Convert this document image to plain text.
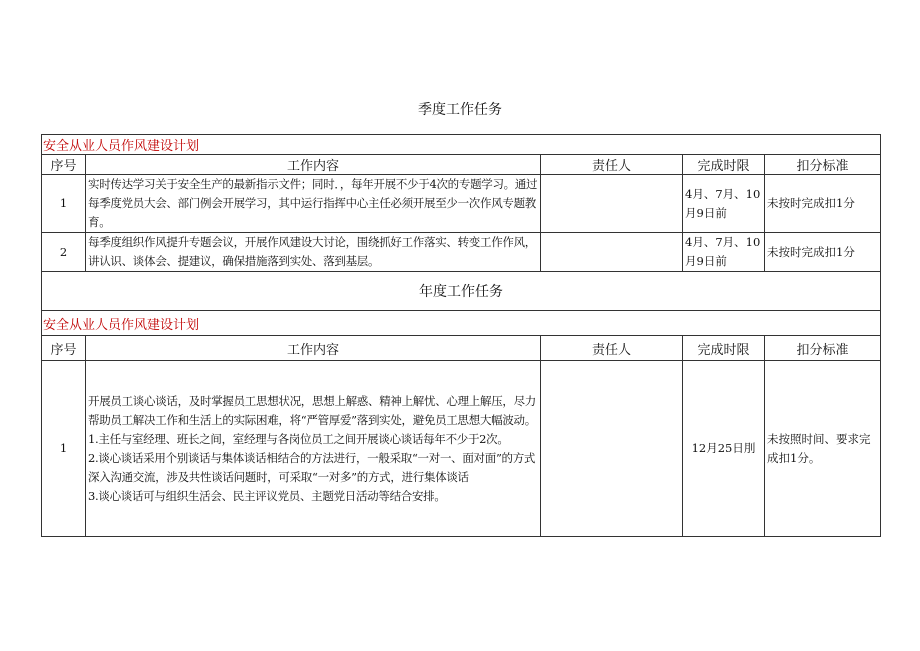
季度工作任务
安全从业人员作风建设计划				
序号	工作内容	责任人	完成时限	扣分标准
1	实时传达学习关于安全生产的最新指示文件；同时．，每年开展不少于4次的专题学习。通过每季度党员大会、部门例会开展学习，其中运行指挥中心主任必须开展至少一次作风专题教育。		4月、7月、10月9日前	未按时完成扣1分
2	每季度组织作风提升专题会议，开展作风建设大讨论，围绕抓好工作落实、转变工作作风，讲认识、谈体会、提建议，确保措施落到实处、落到基层。		4月、7月、10月9日前	未按时完成扣1分
年度工作任务				
安全从业人员作风建设计划				
序号	工作内容	责任人	完成时限	扣分标准
1	开展员工谈心谈话，及时掌握员工思想状况，思想上解惑、精神上解忧、心理上解压，尽力帮助员工解决工作和生活上的实际困难，将“严管厚爱”落到实处，避免员工思想大幅波动。

1.主任与室经理、班长之间，室经理与各岗位员工之间开展谈心谈话每年不少于2次。

2.谈心谈话采用个别谈话与集体谈话相结合的方法进行，一般采取“一对一、面对面”的方式深入沟通交流，涉及共性谈话问题时，可采取“一对多”的方式，进行集体谈话

3.谈心谈话可与组织生活会、民主评议党员、主题党日活动等结合安排。		12月25日刖	未按照时间、要求完成扣1分。
